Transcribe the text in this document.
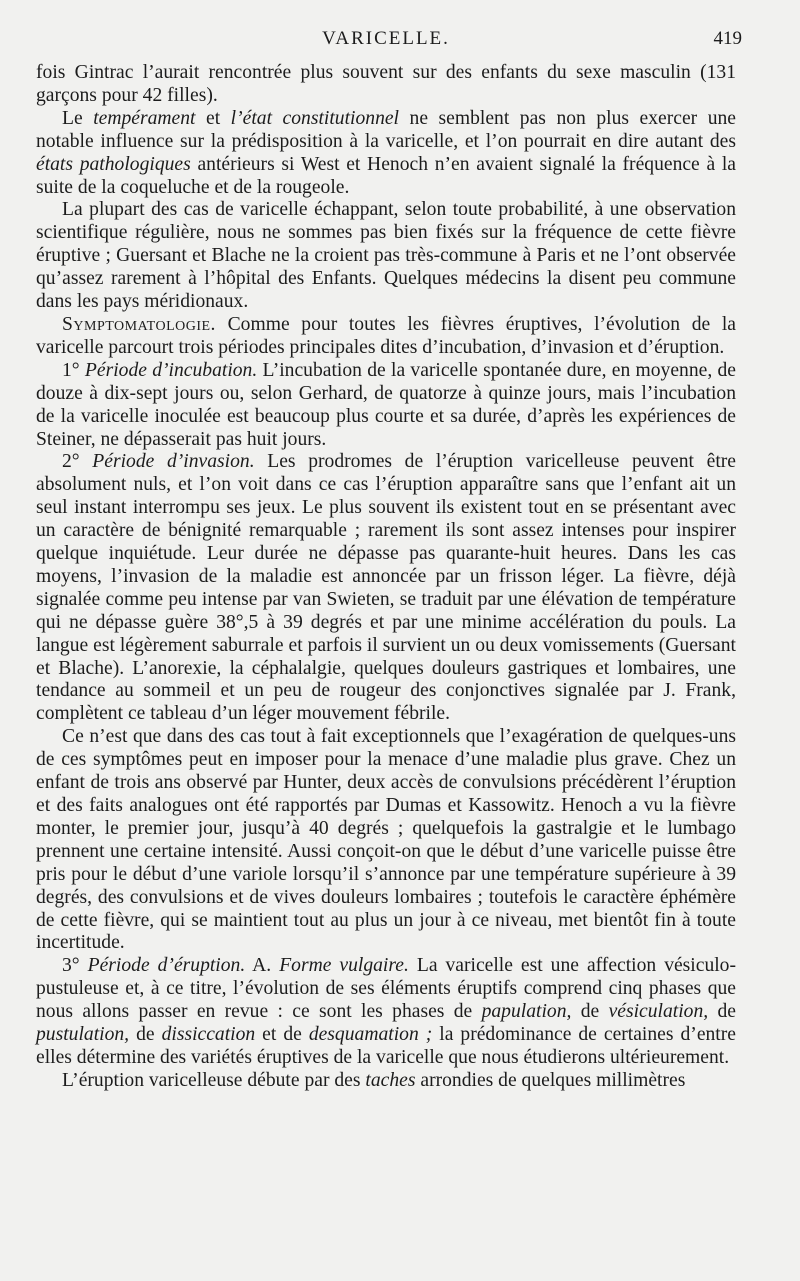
VARICELLE.	419

fois Gintrac l’aurait rencontrée plus souvent sur des enfants du sexe masculin (131 garçons pour 42 filles).

Le tempérament et l’état constitutionnel ne semblent pas non plus exercer une notable influence sur la prédisposition à la varicelle, et l’on pourrait en dire autant des états pathologiques antérieurs si West et Henoch n’en avaient signalé la fréquence à la suite de la coqueluche et de la rougeole.

La plupart des cas de varicelle échappant, selon toute probabilité, à une observation scientifique régulière, nous ne sommes pas bien fixés sur la fréquence de cette fièvre éruptive ; Guersant et Blache ne la croient pas très-commune à Paris et ne l’ont observée qu’assez rarement à l’hôpital des Enfants. Quelques médecins la disent peu commune dans les pays méridionaux.

Symptomatologie. Comme pour toutes les fièvres éruptives, l’évolution de la varicelle parcourt trois périodes principales dites d’incubation, d’invasion et d’éruption.

1° Période d’incubation. L’incubation de la varicelle spontanée dure, en moyenne, de douze à dix-sept jours ou, selon Gerhard, de quatorze à quinze jours, mais l’incubation de la varicelle inoculée est beaucoup plus courte et sa durée, d’après les expériences de Steiner, ne dépasserait pas huit jours.

2° Période d’invasion. Les prodromes de l’éruption varicelleuse peuvent être absolument nuls, et l’on voit dans ce cas l’éruption apparaître sans que l’enfant ait un seul instant interrompu ses jeux. Le plus souvent ils existent tout en se présentant avec un caractère de bénignité remarquable ; rarement ils sont assez intenses pour inspirer quelque inquiétude. Leur durée ne dépasse pas quarante-huit heures. Dans les cas moyens, l’invasion de la maladie est annoncée par un frisson léger. La fièvre, déjà signalée comme peu intense par van Swieten, se traduit par une élévation de température qui ne dépasse guère 38°,5 à 39 degrés et par une minime accélération du pouls. La langue est légèrement saburrale et parfois il survient un ou deux vomissements (Guersant et Blache). L’anorexie, la céphalalgie, quelques douleurs gastriques et lombaires, une tendance au sommeil et un peu de rougeur des conjonctives signalée par J. Frank, complètent ce tableau d’un léger mouvement fébrile.

Ce n’est que dans des cas tout à fait exceptionnels que l’exagération de quelques-uns de ces symptômes peut en imposer pour la menace d’une maladie plus grave. Chez un enfant de trois ans observé par Hunter, deux accès de convulsions précédèrent l’éruption et des faits analogues ont été rapportés par Dumas et Kassowitz. Henoch a vu la fièvre monter, le premier jour, jusqu’à 40 degrés ; quelquefois la gastralgie et le lumbago prennent une certaine intensité. Aussi conçoit-on que le début d’une varicelle puisse être pris pour le début d’une variole lorsqu’il s’annonce par une température supérieure à 39 degrés, des convulsions et de vives douleurs lombaires ; toutefois le caractère éphémère de cette fièvre, qui se maintient tout au plus un jour à ce niveau, met bientôt fin à toute incertitude.

3° Période d’éruption. A. Forme vulgaire. La varicelle est une affection vésiculo-pustuleuse et, à ce titre, l’évolution de ses éléments éruptifs comprend cinq phases que nous allons passer en revue : ce sont les phases de papulation, de vésiculation, de pustulation, de dissiccation et de desquamation ; la prédominance de certaines d’entre elles détermine des variétés éruptives de la varicelle que nous étudierons ultérieurement.

L’éruption varicelleuse débute par des taches arrondies de quelques millimètres
